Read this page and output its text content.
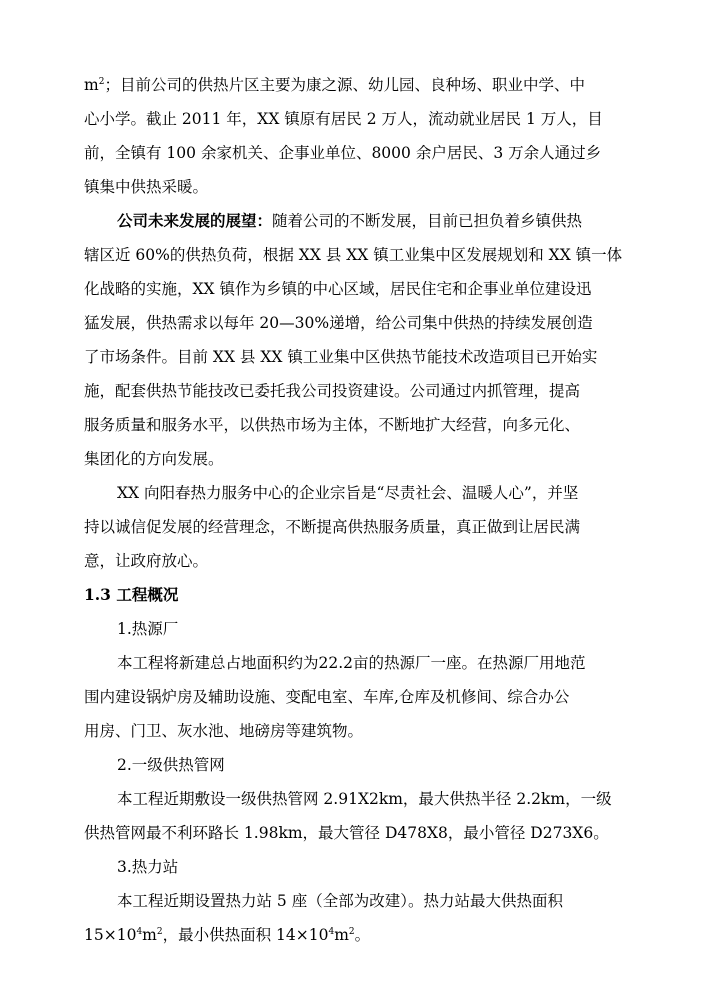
$m^2$；目前公司的供热片区主要为康之源、幼儿园、良种场、职业中学、中
心小学。截止 2011 年，XX 镇原有居民 2 万人，流动就业居民 1 万人，目
前，全镇有 100 余家机关、企事业单位、8000 余户居民、3 万余人通过乡
镇集中供热采暖。
公司未来发展的展望：随着公司的不断发展，目前已担负着乡镇供热
辖区近 60%的供热负荷，根据 XX 县 XX 镇工业集中区发展规划和 XX 镇一体
化战略的实施，XX 镇作为乡镇的中心区域，居民住宅和企事业单位建设迅
猛发展，供热需求以每年 20—30%递增，给公司集中供热的持续发展创造
了市场条件。目前 XX 县 XX 镇工业集中区供热节能技术改造项目已开始实
施，配套供热节能技改已委托我公司投资建设。公司通过内抓管理，提高
服务质量和服务水平，以供热市场为主体，不断地扩大经营，向多元化、
集团化的方向发展。
XX 向阳春热力服务中心的企业宗旨是“尽责社会、温暖人心”，并坚
持以诚信促发展的经营理念，不断提高供热服务质量，真正做到让居民满
意，让政府放心。
1.3 工程概况
1.热源厂
本工程将新建总占地面积约为22.2亩的热源厂一座。在热源厂用地范
围内建设锅炉房及辅助设施、变配电室、车库,仓库及机修间、综合办公
用房、门卫、灰水池、地磅房等建筑物。
2.一级供热管网
本工程近期敷设一级供热管网 2.91X2km，最大供热半径 2.2km，一级
供热管网最不利环路长 1.98km，最大管径 D478X8，最小管径 D273X6。
3.热力站
本工程近期设置热力站 5 座（全部为改建）。热力站最大供热面积
$15\times 10^4m^2$，最小供热面积 $14\times 10^4m^2$。
